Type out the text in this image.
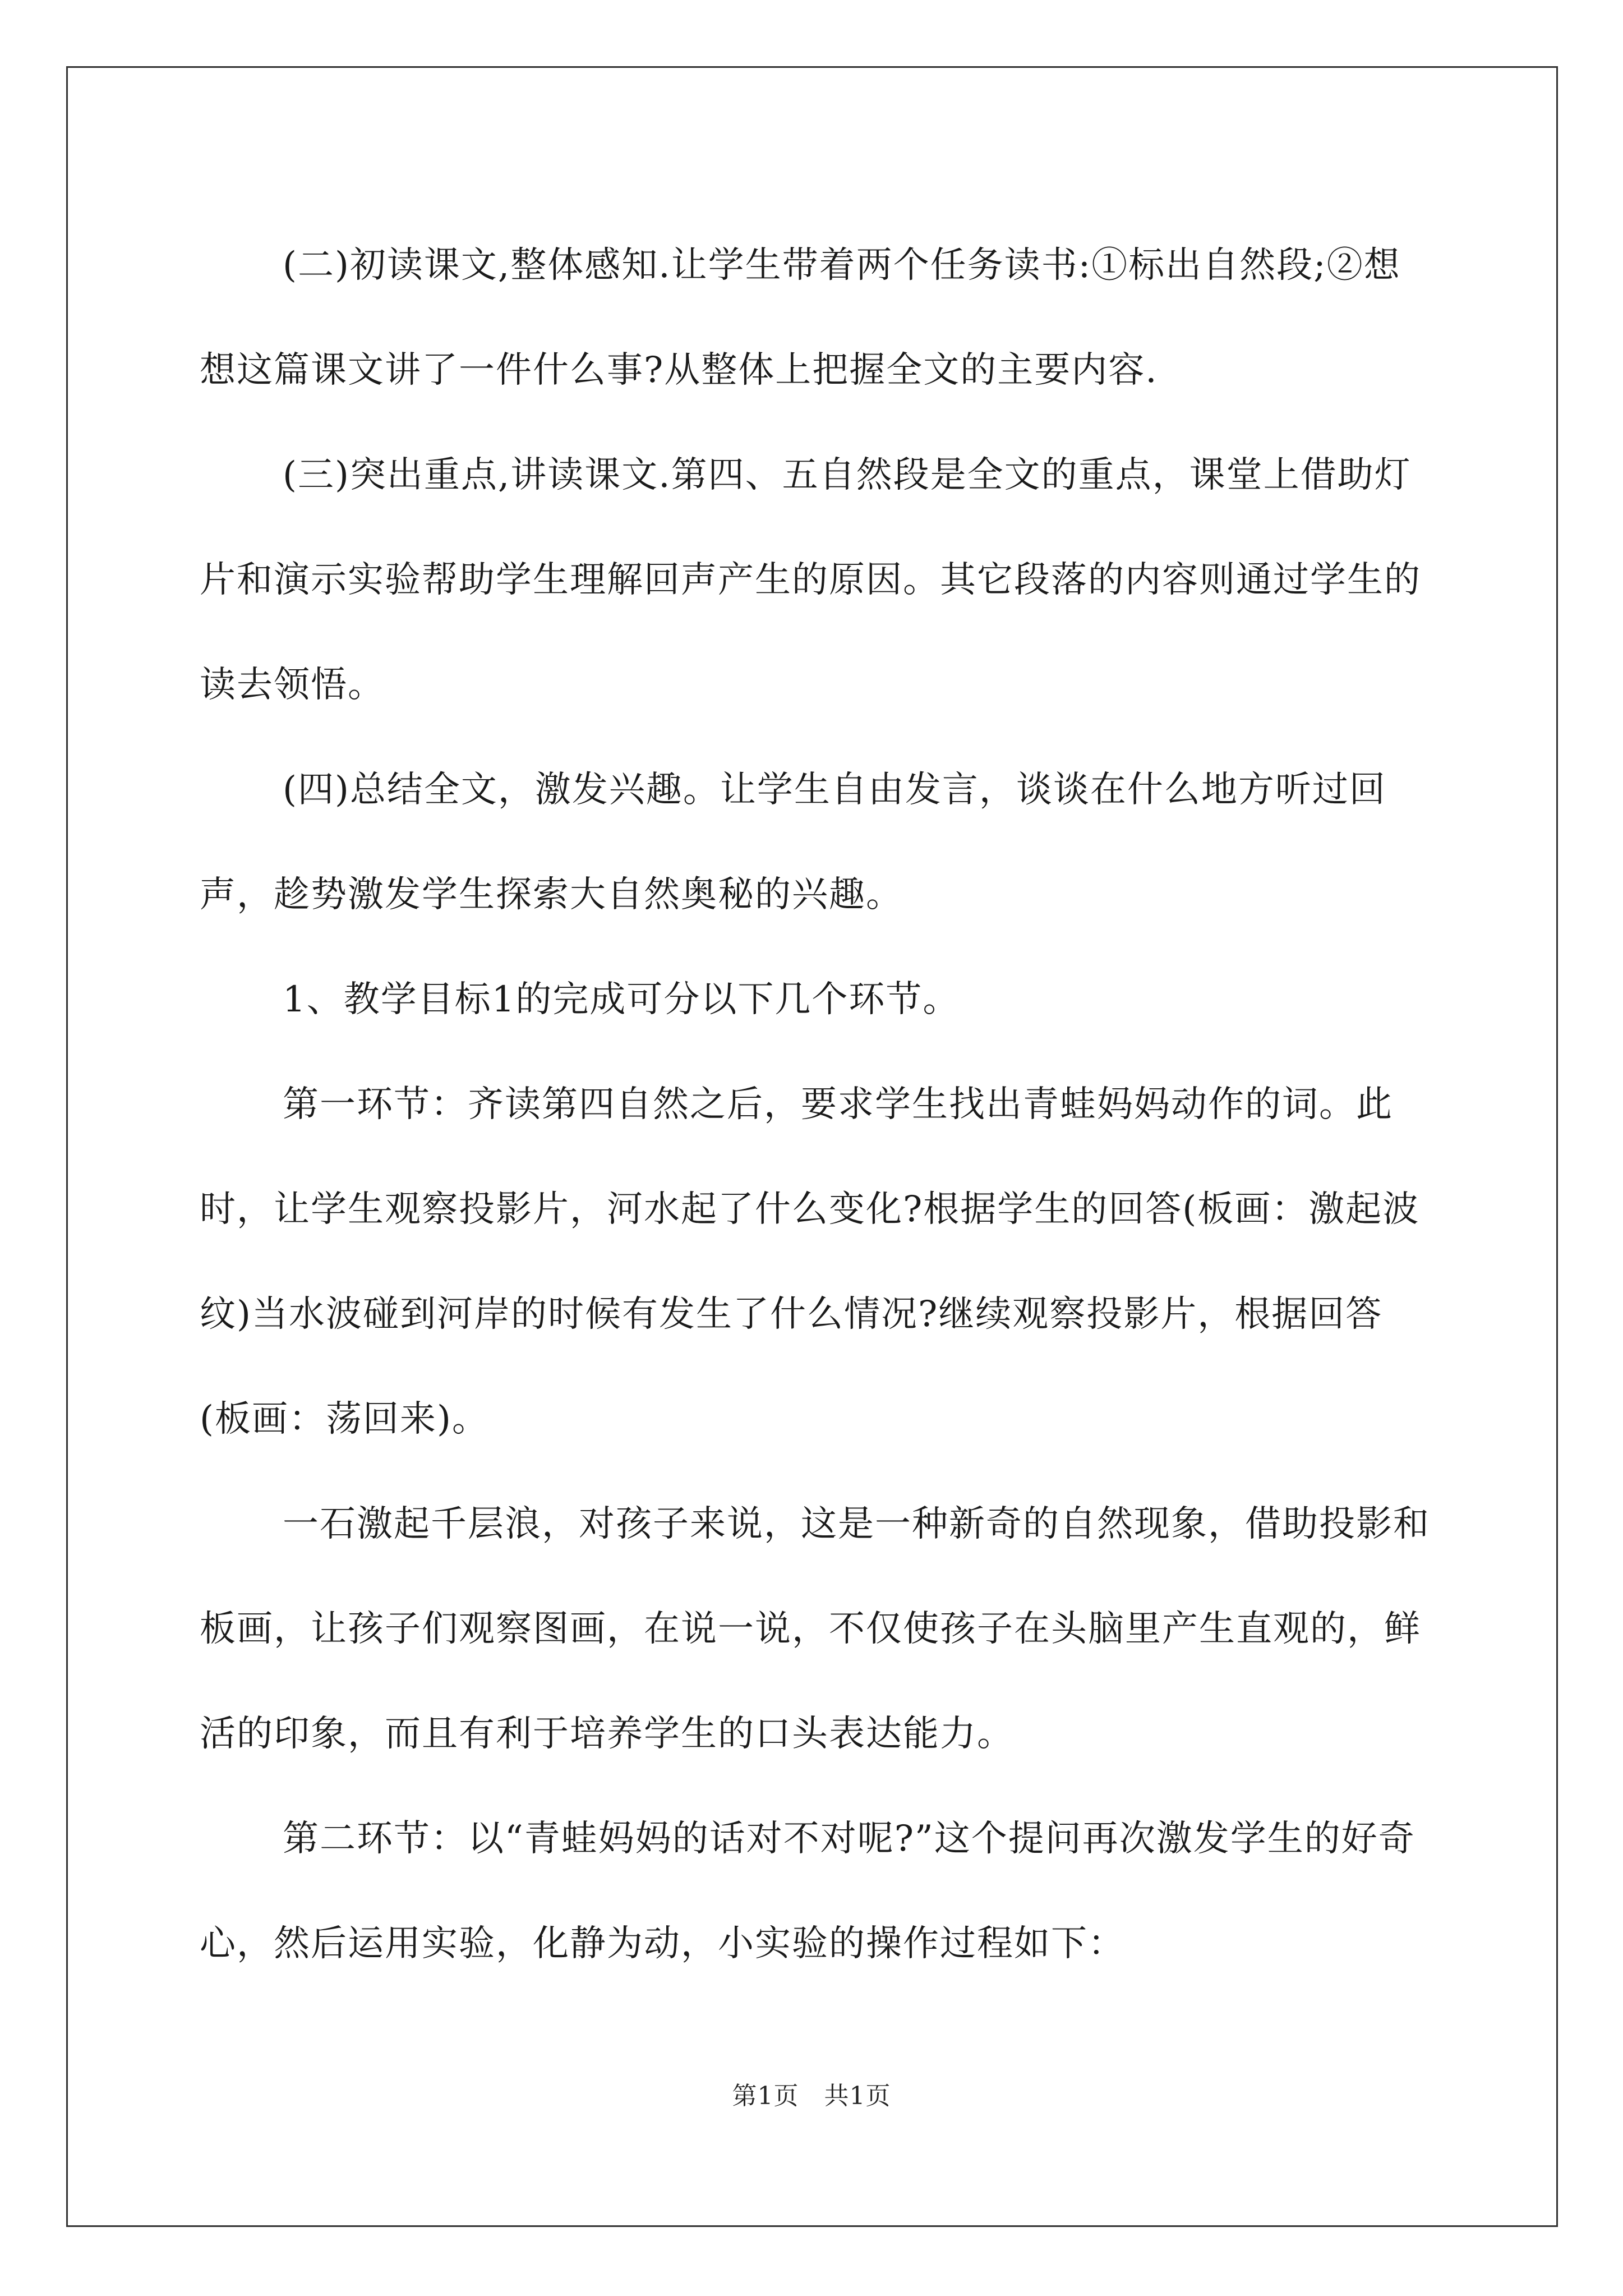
(二)初读课文,整体感知.让学生带着两个任务读书:①标出自然段;②想想这篇课文讲了一件什么事?从整体上把握全文的主要内容.

(三)突出重点,讲读课文.第四、五自然段是全文的重点，课堂上借助灯片和演示实验帮助学生理解回声产生的原因。其它段落的内容则通过学生的读去领悟。

(四)总结全文，激发兴趣。让学生自由发言，谈谈在什么地方听过回声，趁势激发学生探索大自然奥秘的兴趣。

1、教学目标1的完成可分以下几个环节。

第一环节：齐读第四自然之后，要求学生找出青蛙妈妈动作的词。此时，让学生观察投影片，河水起了什么变化?根据学生的回答(板画：激起波纹)当水波碰到河岸的时候有发生了什么情况?继续观察投影片，根据回答(板画：荡回来)。

一石激起千层浪，对孩子来说，这是一种新奇的自然现象，借助投影和板画，让孩子们观察图画，在说一说，不仅使孩子在头脑里产生直观的，鲜活的印象，而且有利于培养学生的口头表达能力。

第二环节：以“青蛙妈妈的话对不对呢?”这个提问再次激发学生的好奇心，然后运用实验，化静为动，小实验的操作过程如下：

第1页　共1页
